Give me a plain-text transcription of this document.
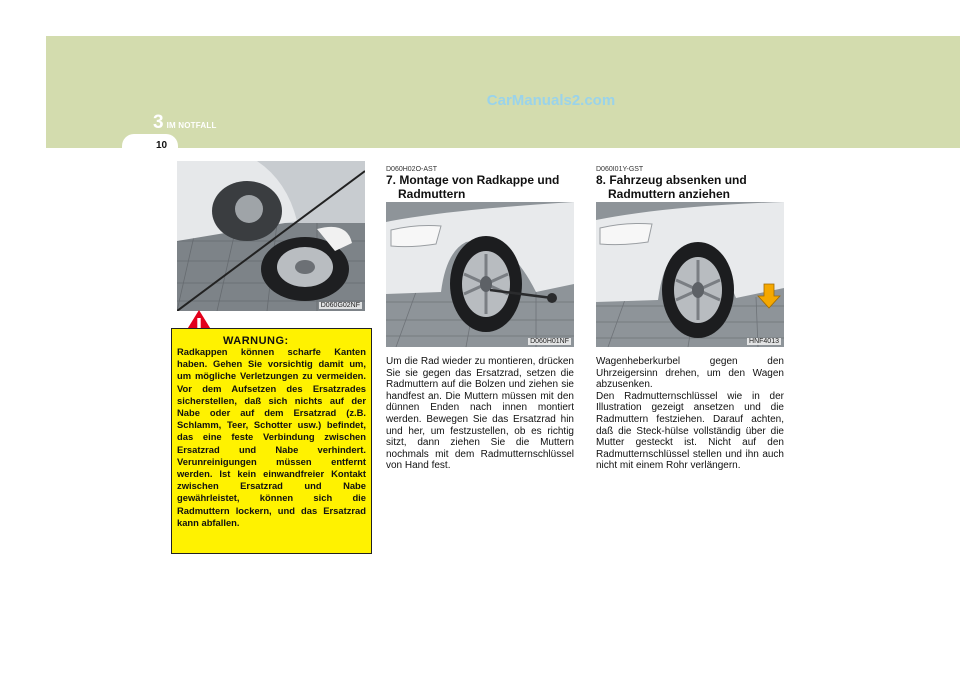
CarManuals2.com
3 IM NOTFALL
10
D060G02NF

Radkappen können scharfe Kanten haben. Gehen Sie vorsichtig damit um, um mögliche Verletzungen zu vermeiden. Vor dem Aufsetzen des Ersatzrades sicherstellen, daß sich nichts auf der Nabe oder auf dem Ersatzrad (z.B. Schlamm, Teer, Schotter usw.) befindet, das eine feste Verbindung zwischen Ersatzrad und Nabe verhindert. Verunreinigungen müssen entfernt werden. Ist kein einwandfreier Kontakt zwischen Ersatzrad und Nabe gewährleistet, können sich die Radmuttern lockern, und das Ersatzrad kann abfallen.

WARNUNG:
D060H02O-AST
7. Montage von Radkappe und
Radmuttern
D060H01NF

Um die Rad wieder zu montieren, drücken Sie sie gegen das Ersatzrad, setzen die Radmuttern auf die Bolzen und ziehen sie handfest an. Die Muttern müssen mit den dünnen Enden nach innen montiert werden. Bewegen Sie das Ersatzrad hin und her, um festzustellen, ob es richtig sitzt, dann ziehen Sie die Muttern nochmals mit dem Radmutternschlüssel von Hand fest.

D060I01Y-GST
8. Fahrzeug absenken und
Radmuttern anziehen
HNF4013
Wagenheberkurbel gegen den Uhrzeigersinn drehen, um den Wagen abzusenken.
Den Radmutternschlüssel wie in der Illustration gezeigt ansetzen und die Radmuttern festziehen. Darauf achten, daß die Steck-hülse vollständig über die Mutter gesteckt ist. Nicht auf den Radmutternschlüssel stellen und ihn auch nicht mit einem Rohr verlängern.
